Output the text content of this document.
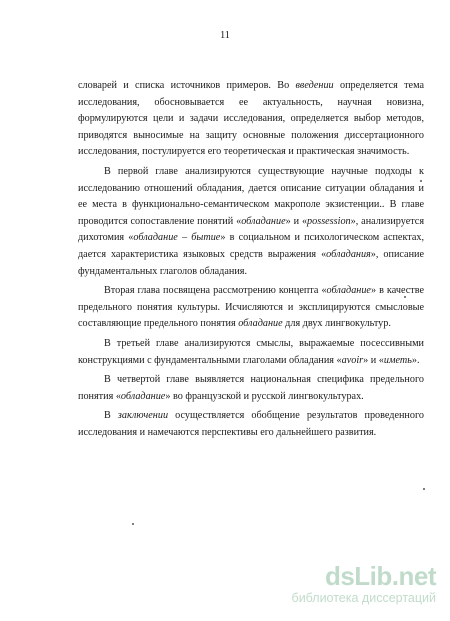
11

словарей и списка источников примеров. Во введении определяется тема исследования, обосновывается ее актуальность, научная новизна, формулируются цели и задачи исследования, определяется выбор методов, приводятся выносимые на защиту основные положения диссертационного исследования, постулируется его теоретическая и практическая значимость.

В первой главе анализируются существующие научные подходы к исследованию отношений обладания, дается описание ситуации обладания и ее места в функционально-семантическом макрополе экзистенции.. В главе проводится сопоставление понятий «обладание» и «possession», анализируется дихотомия «обладание – бытие» в социальном и психологическом аспектах, дается характеристика языковых средств выражения «обладания», описание фундаментальных глаголов обладания.

Вторая глава посвящена рассмотрению концепта «обладание» в качестве предельного понятия культуры. Исчисляются и эксплицируются смысловые составляющие предельного понятия обладание для двух лингвокультур.

В третьей главе анализируются смыслы, выражаемые посессивными конструкциями с фундаментальными глаголами обладания «avoir» и «иметь».

В четвертой главе выявляется национальная специфика предельного понятия «обладание» во французской и русской лингвокультурах.

В заключении осуществляется обобщение результатов проведенного исследования и намечаются перспективы его дальнейшего развития.

dsLib.net
библиотека диссертаций
